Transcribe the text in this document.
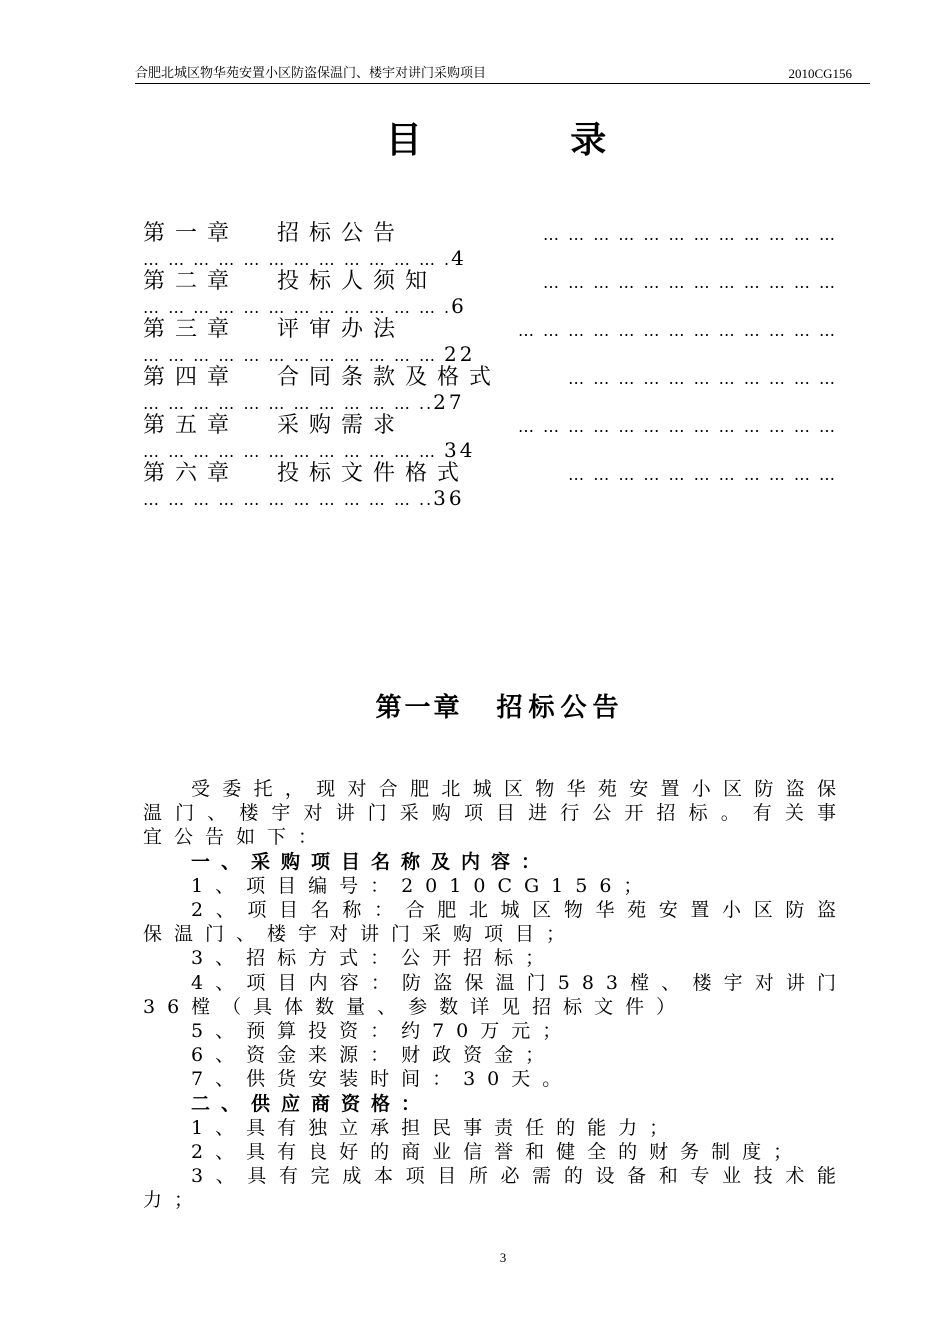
合肥北城区物华苑安置小区防盗保温门、楼宇对讲门采购项目	2010CG156
目 录
第一章 招标公告	… … … … … … … … … … … …
… … … … … … … … … … … … .4
第二章 投标人须知	… … … … … … … … … … … …
… … … … … … … … … … … … .6
第三章 评审办法	… … … … … … … … … … … … …
… … … … … … … … … … … … 22
第四章 合同条款及格式	… … … … … … … … … … …
… … … … … … … … … … … ..27
第五章 采购需求	… … … … … … … … … … … … …
… … … … … … … … … … … … 34
第六章 投标文件格式	… … … … … … … … … … …
… … … … … … … … … … … ..36
第一章 招标公告

受委托，现对合肥北城区物华苑安置小区防盗保温门、楼宇对讲门采购项目进行公开招标。有关事宜公告如下：

一、采购项目名称及内容：

1、项目编号：2010CG156；

2、项目名称：合肥北城区物华苑安置小区防盗保温门、楼宇对讲门采购项目；

3、招标方式：公开招标；

4、项目内容：防盗保温门583樘、楼宇对讲门36樘（具体数量、参数详见招标文件）

5、预算投资：约70万元；

6、资金来源：财政资金；

7、供货安装时间：30天。

二、供应商资格：

1、具有独立承担民事责任的能力；

2、具有良好的商业信誉和健全的财务制度；

3、具有完成本项目所必需的设备和专业技术能力；

3
